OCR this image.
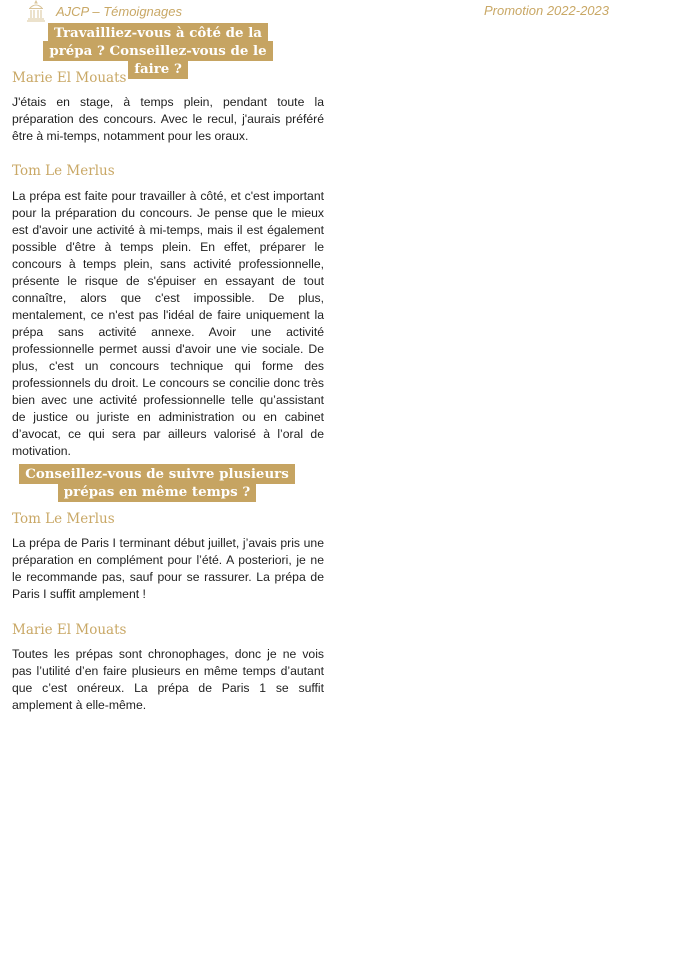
AJCP – Témoignages	Promotion 2022-2023
Travailliez-vous à côté de la prépa ? Conseillez-vous de le faire ?

Marie El Mouats

J'étais en stage, à temps plein, pendant toute la préparation des concours. Avec le recul, j'aurais préféré être à mi-temps, notamment pour les oraux.

Tom Le Merlus

La prépa est faite pour travailler à côté, et c'est important pour la préparation du concours. Je pense que le mieux est d'avoir une activité à mi-temps, mais il est également possible d'être à temps plein. En effet, préparer le concours à temps plein, sans activité professionnelle, présente le risque de s'épuiser en essayant de tout connaître, alors que c'est impossible. De plus, mentalement, ce n'est pas l'idéal de faire uniquement la prépa sans activité annexe. Avoir une activité professionnelle permet aussi d'avoir une vie sociale. De plus, c'est un concours technique qui forme des professionnels du droit. Le concours se concilie donc très bien avec une activité professionnelle telle qu’assistant de justice ou juriste en administration ou en cabinet d’avocat, ce qui sera par ailleurs valorisé à l’oral de motivation.

Conseillez-vous de suivre plusieurs prépas en même temps ?

Tom Le Merlus

La prépa de Paris I terminant début juillet, j’avais pris une préparation en complément pour l’été. A posteriori, je ne le recommande pas, sauf pour se rassurer. La prépa de Paris I suffit amplement !

Marie El Mouats

Toutes les prépas sont chronophages, donc je ne vois pas l’utilité d’en faire plusieurs en même temps d’autant que c’est onéreux. La prépa de Paris 1 se suffit amplement à elle-même.
